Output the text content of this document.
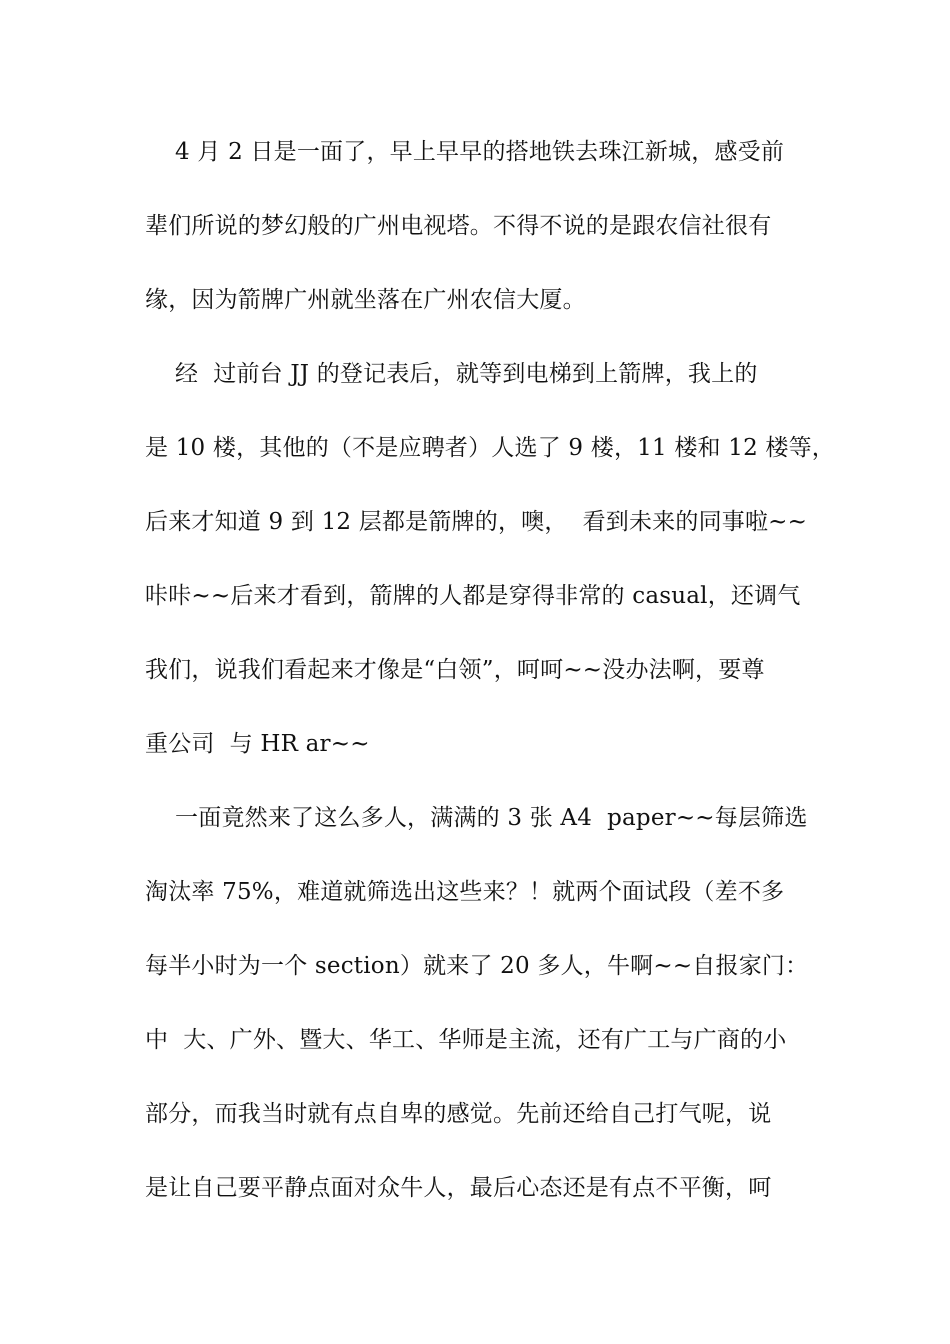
4 月 2 日是一面了，早上早早的搭地铁去珠江新城，感受前
辈们所说的梦幻般的广州电视塔。不得不说的是跟农信社很有
缘，因为箭牌广州就坐落在广州农信大厦。
经  过前台 JJ 的登记表后，就等到电梯到上箭牌，我上的
是 10 楼，其他的（不是应聘者）人选了 9 楼，11 楼和 12 楼等，
后来才知道 9 到 12 层都是箭牌的，噢，  看到未来的同事啦~~
咔咔~~后来才看到，箭牌的人都是穿得非常的 casual，还调气
我们，说我们看起来才像是“白领”，呵呵~~没办法啊，要尊
重公司  与 HR ar~~
一面竟然来了这么多人，满满的 3 张 A4  paper~~每层筛选
淘汰率 75%，难道就筛选出这些来？！就两个面试段（差不多
每半小时为一个 section）就来了 20 多人，牛啊~~自报家门：
中  大、广外、暨大、华工、华师是主流，还有广工与广商的小
部分，而我当时就有点自卑的感觉。先前还给自己打气呢，说
是让自己要平静点面对众牛人，最后心态还是有点不平衡，呵
